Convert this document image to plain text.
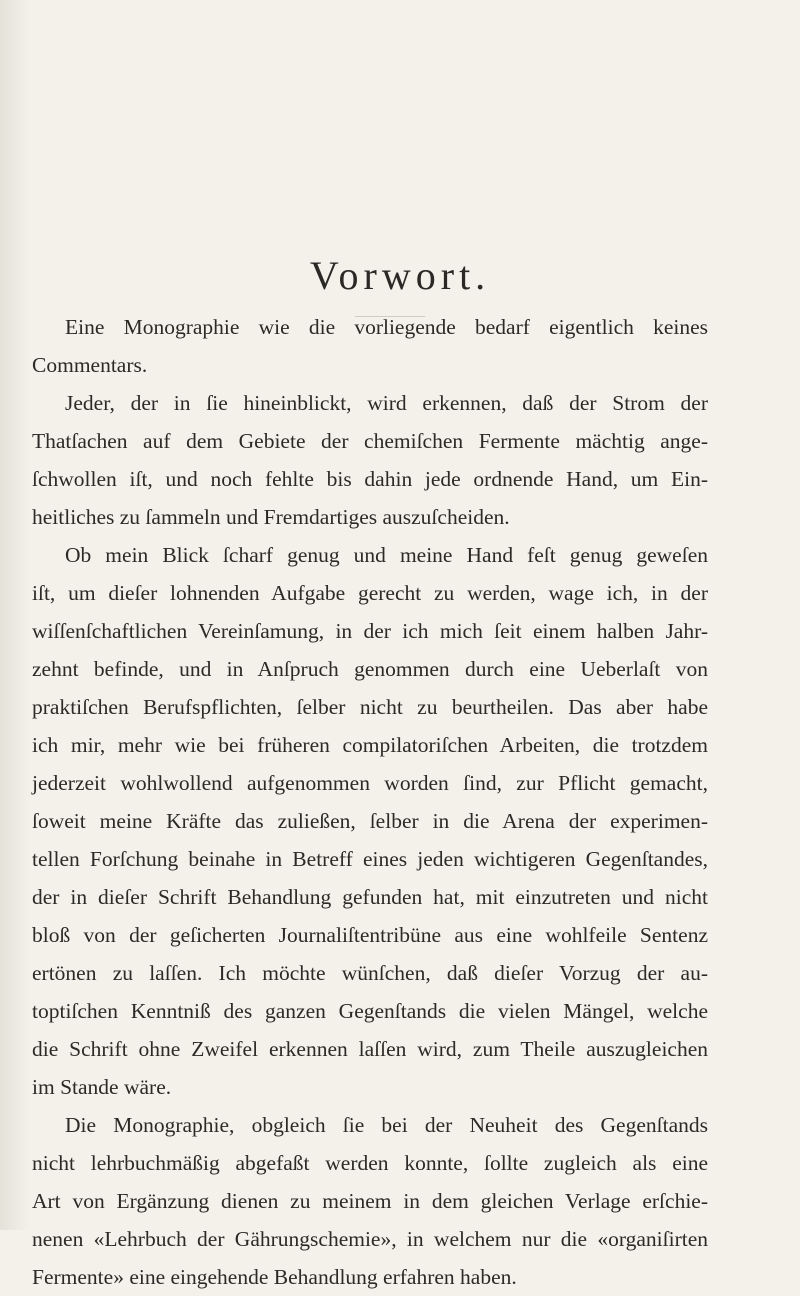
Vorwort.
Eine Monographie wie die vorliegende bedarf eigentlich keines
Commentars.
Jeder, der in ſie hineinblickt, wird erkennen, daß der Strom der
Thatſachen auf dem Gebiete der chemiſchen Fermente mächtig ange-
ſchwollen iſt, und noch fehlte bis dahin jede ordnende Hand, um Ein-
heitliches zu ſammeln und Fremdartiges auszuſcheiden.
Ob mein Blick ſcharf genug und meine Hand feſt genug geweſen
iſt, um dieſer lohnenden Aufgabe gerecht zu werden, wage ich, in der
wiſſenſchaftlichen Vereinſamung, in der ich mich ſeit einem halben Jahr-
zehnt befinde, und in Anſpruch genommen durch eine Ueberlaſt von
praktiſchen Berufspflichten, ſelber nicht zu beurtheilen. Das aber habe
ich mir, mehr wie bei früheren compilatoriſchen Arbeiten, die trotzdem
jederzeit wohlwollend aufgenommen worden ſind, zur Pflicht gemacht,
ſoweit meine Kräfte das zuließen, ſelber in die Arena der experimen-
tellen Forſchung beinahe in Betreff eines jeden wichtigeren Gegenſtandes,
der in dieſer Schrift Behandlung gefunden hat, mit einzutreten und nicht
bloß von der geſicherten Journaliſtentribüne aus eine wohlfeile Sentenz
ertönen zu laſſen. Ich möchte wünſchen, daß dieſer Vorzug der au-
toptiſchen Kenntniß des ganzen Gegenſtands die vielen Mängel, welche
die Schrift ohne Zweifel erkennen laſſen wird, zum Theile auszugleichen
im Stande wäre.
Die Monographie, obgleich ſie bei der Neuheit des Gegenſtands
nicht lehrbuchmäßig abgefaßt werden konnte, ſollte zugleich als eine
Art von Ergänzung dienen zu meinem in dem gleichen Verlage erſchie-
nenen «Lehrbuch der Gährungschemie», in welchem nur die «organiſirten
Fermente» eine eingehende Behandlung erfahren haben.
